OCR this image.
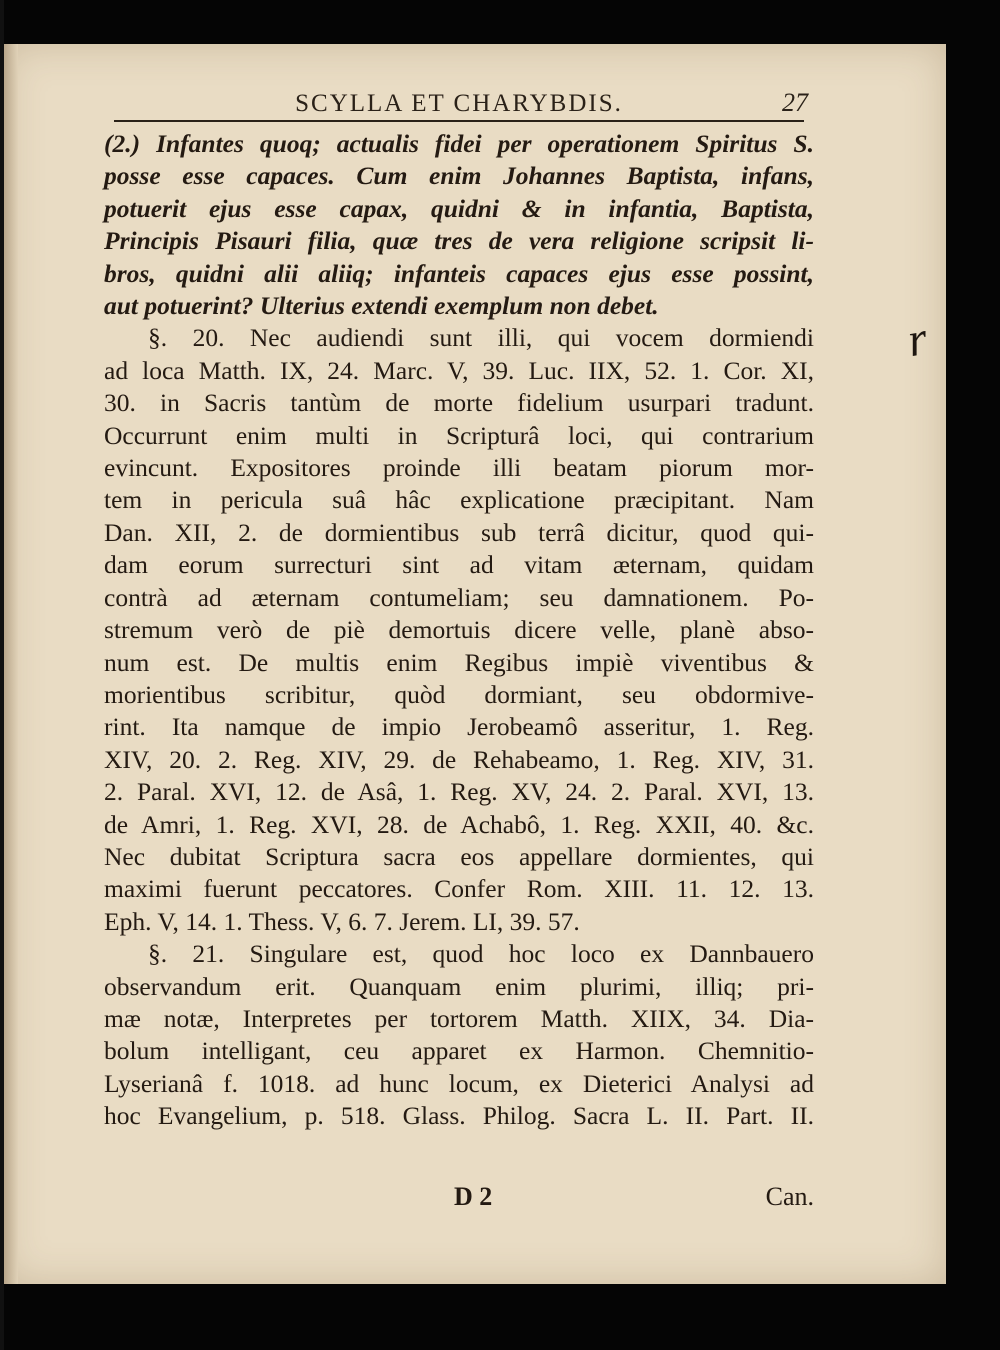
SCYLLA ET CHARYBDIS.	27
(2.) Infantes quoq; actualis fidei per operationem Spiritus S.
posse esse capaces. Cum enim Johannes Baptista, infans,
potuerit ejus esse capax, quidni & in infantia, Baptista,
Principis Pisauri filia, quæ tres de vera religione scripsit li-
bros, quidni alii aliiq; infanteis capaces ejus esse possint,
aut potuerint? Ulterius extendi exemplum non debet.
§. 20. Nec audiendi sunt illi, qui vocem dormiendi
ad loca Matth. IX, 24. Marc. V, 39. Luc. IIX, 52. 1. Cor. XI,
30. in Sacris tantùm de morte fidelium usurpari tradunt.
Occurrunt enim multi in Scripturâ loci, qui contrarium
evincunt. Expositores proinde illi beatam piorum mor-
tem in pericula suâ hâc explicatione præcipitant. Nam
Dan. XII, 2. de dormientibus sub terrâ dicitur, quod qui-
dam eorum surrecturi sint ad vitam æternam, quidam
contrà ad æternam contumeliam; seu damnationem. Po-
stremum verò de piè demortuis dicere velle, planè abso-
num est. De multis enim Regibus impiè viventibus &
morientibus scribitur, quòd dormiant, seu obdormive-
rint. Ita namque de impio Jerobeamô asseritur, 1. Reg.
XIV, 20. 2. Reg. XIV, 29. de Rehabeamo, 1. Reg. XIV, 31.
2. Paral. XVI, 12. de Asâ, 1. Reg. XV, 24. 2. Paral. XVI, 13.
de Amri, 1. Reg. XVI, 28. de Achabô, 1. Reg. XXII, 40. &c.
Nec dubitat Scriptura sacra eos appellare dormientes, qui
maximi fuerunt peccatores. Confer Rom. XIII. 11. 12. 13.
Eph. V, 14. 1. Thess. V, 6. 7. Jerem. LI, 39. 57.
§. 21. Singulare est, quod hoc loco ex Dannbauero
observandum erit. Quanquam enim plurimi, illiq; pri-
mæ notæ, Interpretes per tortorem Matth. XIIX, 34. Dia-
bolum intelligant, ceu apparet ex Harmon. Chemnitio-
Lyserianâ f. 1018. ad hunc locum, ex Dieterici Analysi ad
hoc Evangelium, p. 518. Glass. Philog. Sacra L. II. Part. II.
D 2	Can.
r
